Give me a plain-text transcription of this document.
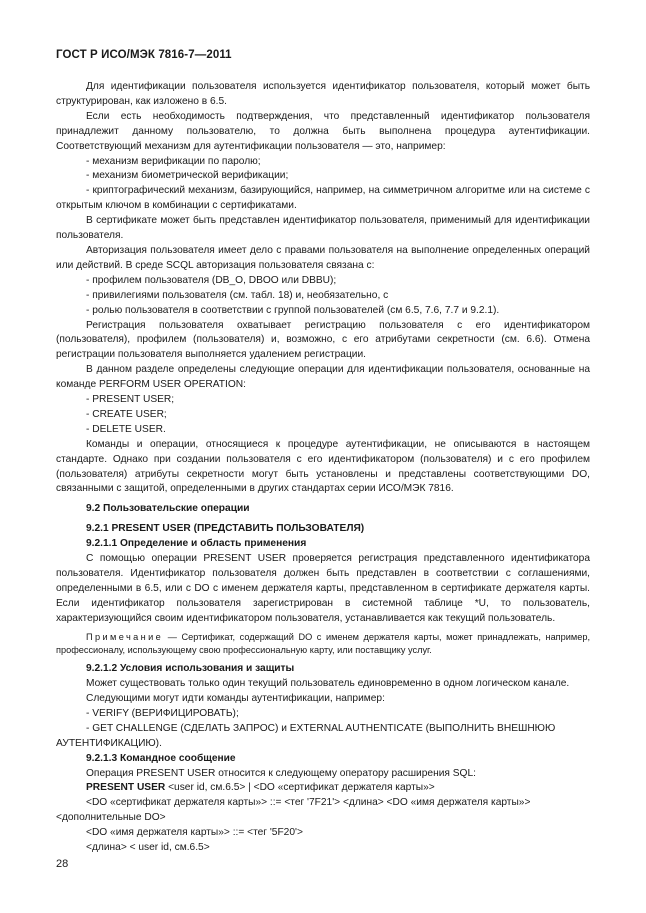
ГОСТ Р ИСО/МЭК 7816-7—2011

Для идентификации пользователя используется идентификатор пользователя, который может быть структурирован, как изложено в 6.5.

Если есть необходимость подтверждения, что представленный идентификатор пользователя принадлежит данному пользователю, то должна быть выполнена процедура аутентификации. Соответствующий механизм для аутентификации пользователя — это, например:

- механизм верификации по паролю;

- механизм биометрической верификации;

- криптографический механизм, базирующийся, например, на симметричном алгоритме или на системе с открытым ключом в комбинации с сертификатами.

В сертификате может быть представлен идентификатор пользователя, применимый для идентификации пользователя.

Авторизация пользователя имеет дело с правами пользователя на выполнение определенных операций или действий. В среде SCQL авторизация пользователя связана с:

- профилем пользователя (DB_O, DBOO или DBBU);

- привилегиями пользователя (см. табл. 18) и, необязательно, с

- ролью пользователя в соответствии с группой пользователей (см 6.5, 7.6, 7.7 и 9.2.1).

Регистрация пользователя охватывает регистрацию пользователя с его идентификатором (пользователя), профилем (пользователя) и, возможно, с его атрибутами секретности (см. 6.6). Отмена регистрации пользователя выполняется удалением регистрации.

В данном разделе определены следующие операции для идентификации пользователя, основанные на команде PERFORM USER OPERATION:

- PRESENT USER;

- CREATE USER;

- DELETE USER.

Команды и операции, относящиеся к процедуре аутентификации, не описываются в настоящем стандарте. Однако при создании пользователя с его идентификатором (пользователя) и с его профилем (пользователя) атрибуты секретности могут быть установлены и представлены соответствующими DO, связанными с защитой, определенными в других стандартах серии ИСО/МЭК 7816.

9.2 Пользовательские операции

9.2.1 PRESENT USER (ПРЕДСТАВИТЬ ПОЛЬЗОВАТЕЛЯ)

9.2.1.1 Определение и область применения

С помощью операции PRESENT USER проверяется регистрация представленного идентификатора пользователя. Идентификатор пользователя должен быть представлен в соответствии с соглашениями, определенными в 6.5, или с DO с именем держателя карты, представленном в сертификате держателя карты. Если идентификатор пользователя зарегистрирован в системной таблице *U, то пользователь, характеризующийся своим идентификатором пользователя, устанавливается как текущий пользователь.

Примечание — Сертификат, содержащий DO с именем держателя карты, может принадлежать, например, профессионалу, использующему свою профессиональную карту, или поставщику услуг.

9.2.1.2 Условия использования и защиты

Может существовать только один текущий пользователь единовременно в одном логическом канале.

Следующими могут идти команды аутентификации, например:

- VERIFY (ВЕРИФИЦИРОВАТЬ);

- GET CHALLENGE (СДЕЛАТЬ ЗАПРОС) и EXTERNAL AUTHENTICATE (ВЫПОЛНИТЬ ВНЕШНЮЮ АУТЕНТИФИКАЦИЮ).

9.2.1.3 Командное сообщение

Операция PRESENT USER относится к следующему оператору расширения SQL:

PRESENT USER <user id, см.6.5> | <DO «сертификат держателя карты»>

<DO «сертификат держателя карты»> ::= <тег '7F21'> <длина> <DO «имя держателя карты»> <дополнительные DO>

<DO «имя держателя карты»> ::= <тег '5F20'>

<длина> < user id, см.6.5>

28
